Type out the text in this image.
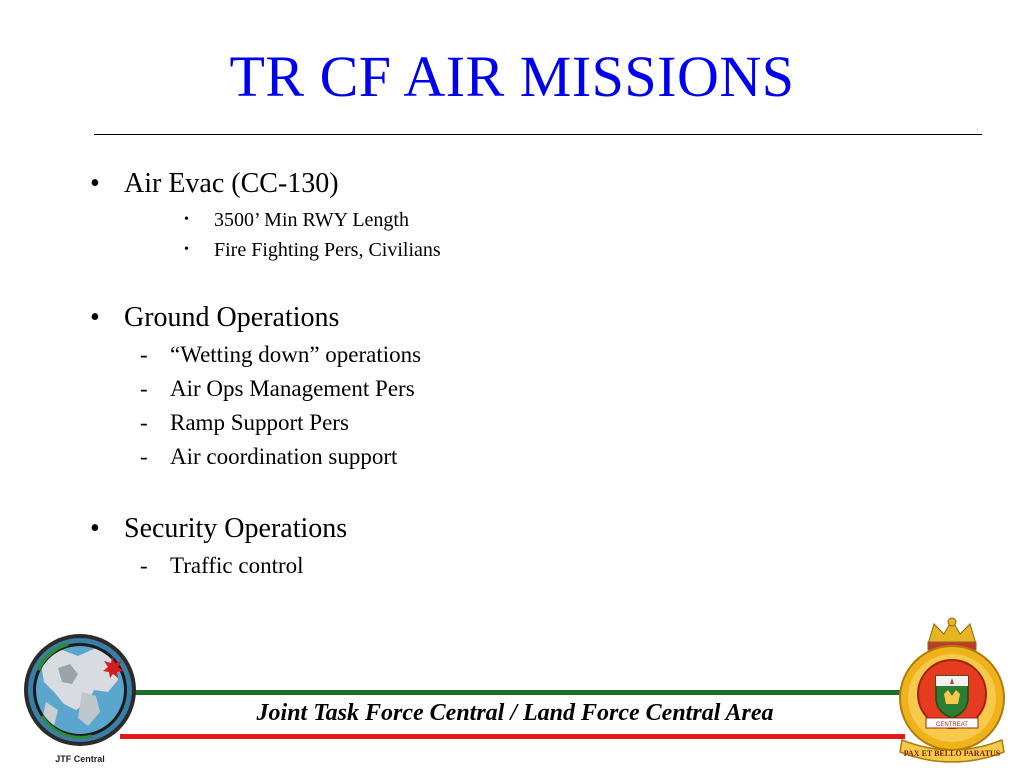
TR CF AIR MISSIONS
• Air Evac (CC-130)
• 3500’ Min RWY Length
• Fire Fighting Pers, Civilians
• Ground Operations
- “Wetting down” operations
- Air Ops Management Pers
- Ramp Support Pers
- Air coordination support
• Security Operations
- Traffic control
Joint Task Force Central / Land Force Central Area
JTF Central
CENTREAT
PAX ET BELLO PARATUS
